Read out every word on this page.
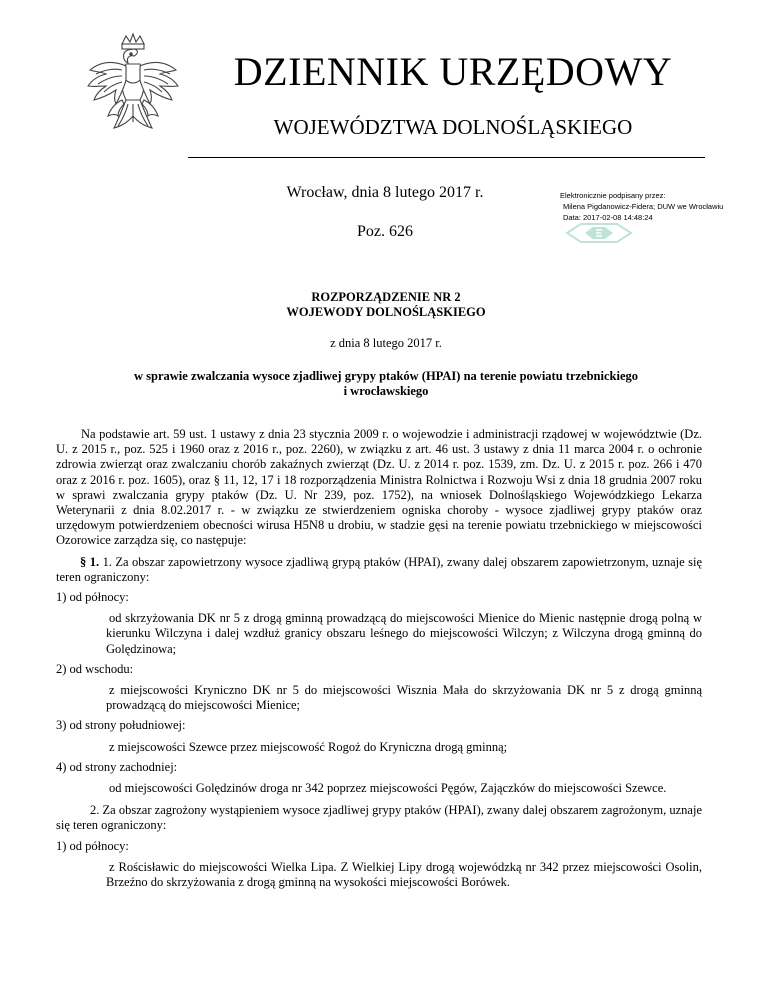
DZIENNIK URZĘDOWY
WOJEWÓDZTWA DOLNOŚLĄSKIEGO
Wrocław, dnia 8 lutego 2017 r.
Poz. 626
Elektronicznie podpisany przez:
Milena Pigdanowicz-Fidera; DUW we Wrocławiu
Data: 2017-02-08 14:48:24
ROZPORZĄDZENIE NR 2
WOJEWODY DOLNOŚLĄSKIEGO
z dnia 8 lutego 2017 r.
w sprawie zwalczania wysoce zjadliwej grypy ptaków (HPAI) na terenie powiatu trzebnickiego
i wrocławskiego

Na podstawie art. 59 ust. 1 ustawy z dnia 23 stycznia 2009 r. o wojewodzie i administracji rządowej w województwie (Dz. U. z 2015 r., poz. 525 i 1960 oraz z 2016 r., poz. 2260), w związku z art. 46 ust. 3 ustawy z dnia 11 marca 2004 r. o ochronie zdrowia zwierząt oraz zwalczaniu chorób zakaźnych zwierząt (Dz. U. z 2014 r. poz. 1539, zm. Dz. U. z 2015 r. poz. 266 i 470 oraz z 2016 r. poz. 1605), oraz § 11, 12, 17 i 18 rozporządzenia Ministra Rolnictwa i Rozwoju Wsi z dnia 18 grudnia 2007 roku w sprawi zwalczania grypy ptaków (Dz. U. Nr 239, poz. 1752), na wniosek Dolnośląskiego Wojewódzkiego Lekarza Weterynarii z dnia 8.02.2017 r. - w związku ze stwierdzeniem ogniska choroby - wysoce zjadliwej grypy ptaków oraz urzędowym potwierdzeniem obecności wirusa H5N8 u drobiu, w stadzie gęsi na terenie powiatu trzebnickiego w miejscowości Ozorowice zarządza się, co następuje:

§ 1. 1. Za obszar zapowietrzony wysoce zjadliwą grypą ptaków (HPAI), zwany dalej obszarem zapowietrzonym, uznaje się teren ograniczony:

1) od północy:

od skrzyżowania DK nr 5 z drogą gminną prowadzącą do miejscowości Mienice do Mienic następnie drogą polną w kierunku Wilczyna i dalej wzdłuż granicy obszaru leśnego do miejscowości Wilczyn; z Wilczyna drogą gminną do Golędzinowa;

2) od wschodu:

z miejscowości Kryniczno DK nr 5 do miejscowości Wisznia Mała do skrzyżowania DK nr 5 z drogą gminną prowadzącą do miejscowości Mienice;

3) od strony południowej:

z miejscowości Szewce przez miejscowość Rogoż do Kryniczna drogą gminną;

4) od strony zachodniej:

od miejscowości Golędzinów droga nr 342 poprzez miejscowości Pęgów, Zajączków do miejscowości Szewce.

2. Za obszar zagrożony wystąpieniem wysoce zjadliwej grypy ptaków (HPAI), zwany dalej obszarem zagrożonym, uznaje się teren ograniczony:

1) od północy:

z Rościsławic do miejscowości Wielka Lipa. Z Wielkiej Lipy drogą wojewódzką nr 342 przez miejscowości Osolin, Brzeźno do skrzyżowania z drogą gminną na wysokości miejscowości Borówek.
